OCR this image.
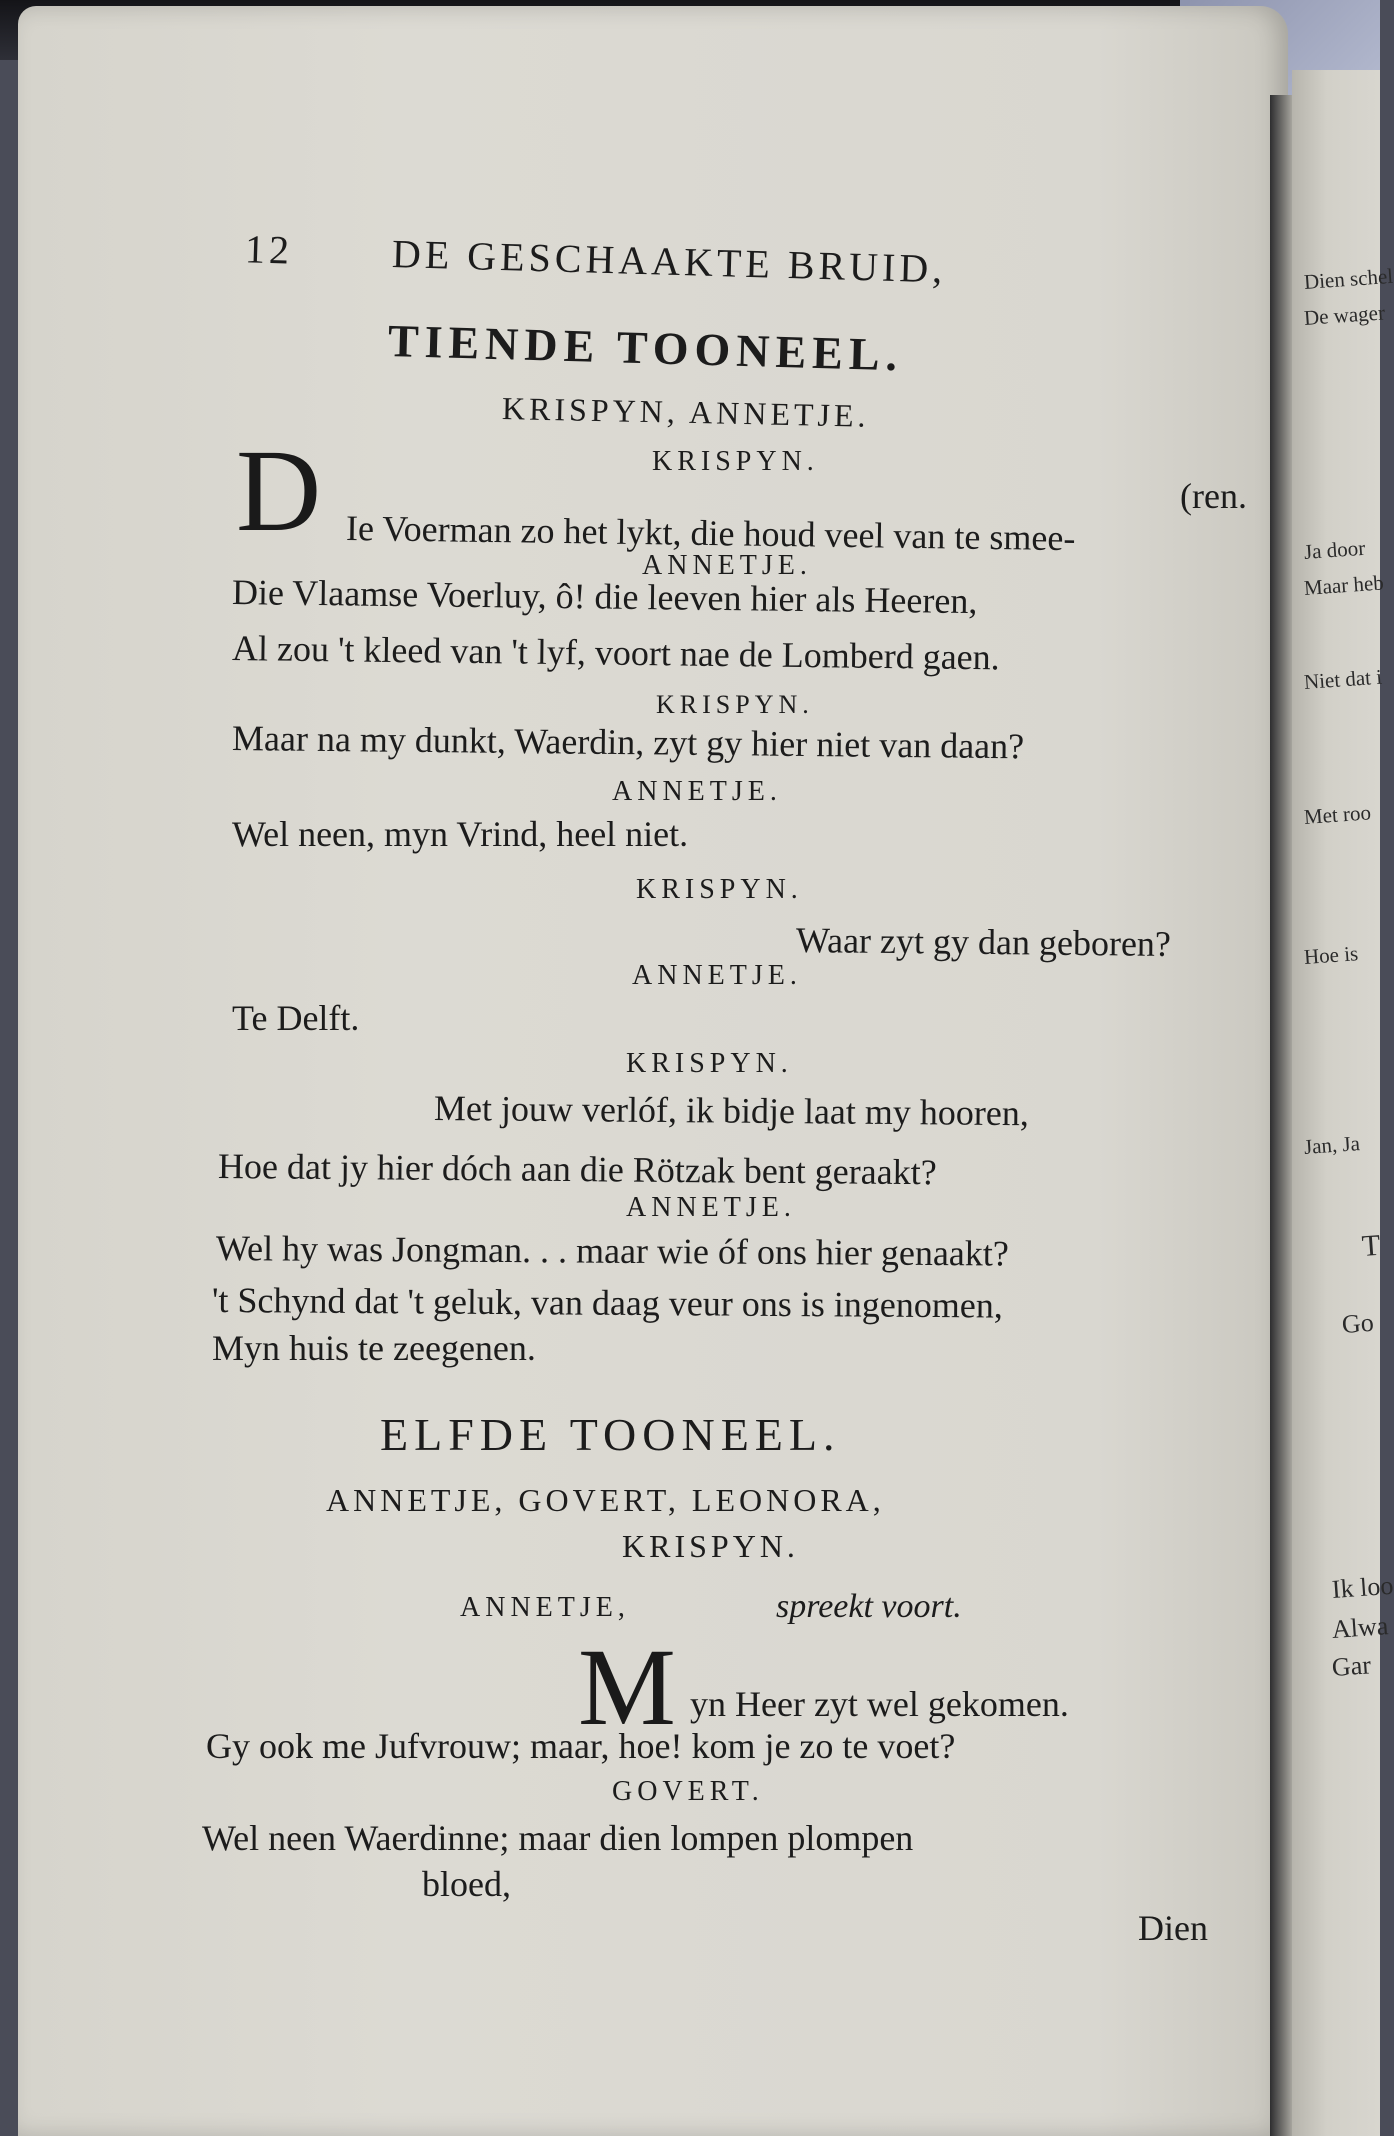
Dien schel
De wager
Ja door
Maar heb
Niet dat i
Met roo
Hoe is
Jan, Ja
T
Go
Ik loo
Alwa
Gar
12 DE GESCHAAKTE BRUID,
TIENDE TOONEEL.
KRISPYN, ANNETJE.
KRISPYN.
(ren.
D Ie Voerman zo het lykt, die houd veel van te smee-
ANNETJE.
Die Vlaamse Voerluy, ô! die leeven hier als Heeren,
Al zou 't kleed van 't lyf, voort nae de Lomberd gaen.
KRISPYN.
Maar na my dunkt, Waerdin, zyt gy hier niet van daan?
ANNETJE.
Wel neen, myn Vrind, heel niet.
KRISPYN.
Waar zyt gy dan geboren?
ANNETJE.
Te Delft.
KRISPYN.
Met jouw verlóf, ik bidje laat my hooren,
Hoe dat jy hier dóch aan die Rötzak bent geraakt?
ANNETJE.
Wel hy was Jongman. . . maar wie óf ons hier genaakt?
't Schynd dat 't geluk, van daag veur ons is ingenomen,
Myn huis te zeegenen.
ELFDE TOONEEL.
ANNETJE, GOVERT, LEONORA,
KRISPYN.
ANNETJE,	spreekt voort.
M yn Heer zyt wel gekomen.
Gy ook me Jufvrouw; maar, hoe! kom je zo te voet?
GOVERT.
Wel neen Waerdinne; maar dien lompen plompen
bloed,
Dien
